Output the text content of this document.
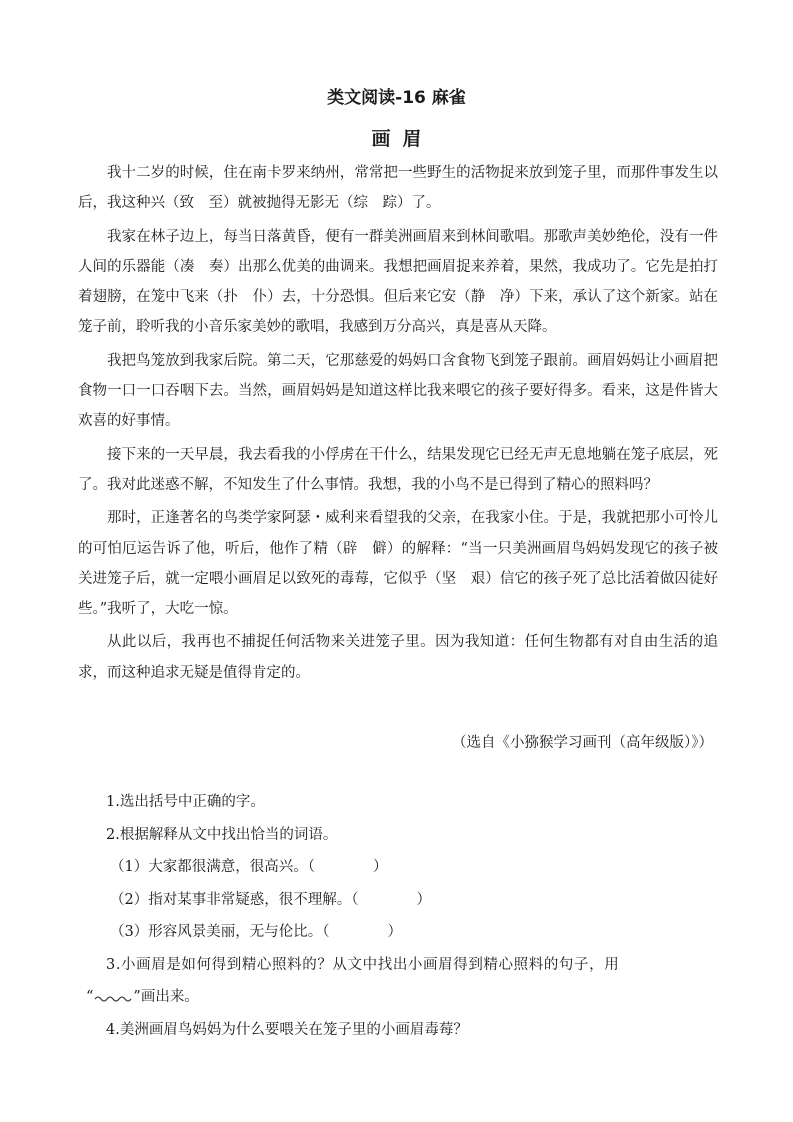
类文阅读-16 麻雀
画眉

我十二岁的时候，住在南卡罗来纳州，常常把一些野生的活物捉来放到笼子里，而那件事发生以后，我这种兴（致　至）就被抛得无影无（综　踪）了。

我家在林子边上，每当日落黄昏，便有一群美洲画眉来到林间歌唱。那歌声美妙绝伦，没有一件人间的乐器能（凑　奏）出那么优美的曲调来。我想把画眉捉来养着，果然，我成功了。它先是拍打着翅膀，在笼中飞来（扑　仆）去，十分恐惧。但后来它安（静　净）下来，承认了这个新家。站在笼子前，聆听我的小音乐家美妙的歌唱，我感到万分高兴，真是喜从天降。

我把鸟笼放到我家后院。第二天，它那慈爱的妈妈口含食物飞到笼子跟前。画眉妈妈让小画眉把食物一口一口吞咽下去。当然，画眉妈妈是知道这样比我来喂它的孩子要好得多。看来，这是件皆大欢喜的好事情。

接下来的一天早晨，我去看我的小俘虏在干什么，结果发现它已经无声无息地躺在笼子底层，死了。我对此迷惑不解，不知发生了什么事情。我想，我的小鸟不是已得到了精心的照料吗？

那时，正逢著名的鸟类学家阿瑟・威利来看望我的父亲，在我家小住。于是，我就把那小可怜儿的可怕厄运告诉了他，听后，他作了精（辟　僻）的解释：“当一只美洲画眉鸟妈妈发现它的孩子被关进笼子后，就一定喂小画眉足以致死的毒莓，它似乎（坚　艰）信它的孩子死了总比活着做囚徒好些。”我听了，大吃一惊。

从此以后，我再也不捕捉任何活物来关进笼子里。因为我知道：任何生物都有对自由生活的追求，而这种追求无疑是值得肯定的。

（选自《小猕猴学习画刊（高年级版）》）

1.选出括号中正确的字。

2.根据解释从文中找出恰当的词语。

（1）大家都很满意，很高兴。（	）

（2）指对某事非常疑惑，很不理解。（	）

（3）形容风景美丽，无与伦比。（	）

3.小画眉是如何得到精心照料的？从文中找出小画眉得到精心照料的句子，用

“	”画出来。

4.美洲画眉鸟妈妈为什么要喂关在笼子里的小画眉毒莓？
